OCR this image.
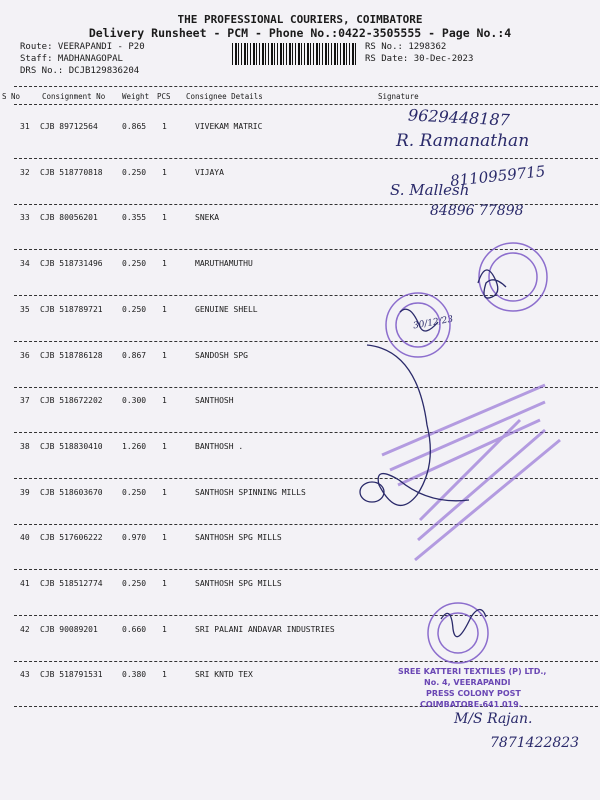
THE PROFESSIONAL COURIERS, COIMBATORE
Delivery Runsheet - PCM - Phone No.:0422-3505555 - Page No.:4
Route: VEERAPANDI - P20
Staff: MADHANAGOPAL
DRS No.: DCJB129836204
RS No.: 1298362
RS Date: 30-Dec-2023
S No	Consignment No Weight PCS Consignee Details	Signature
31 CJB 89712564	0.865 1	VIVEKAM MATRIC
32 CJB 518770818 0.250 1	VIJAYA
33 CJB 80056201	0.355 1	SNEKA
34 CJB 518731496 0.250 1	MARUTHAMUTHU
35 CJB 518789721 0.250 1	GENUINE SHELL
36 CJB 518786128 0.867 1	SANDOSH SPG
37 CJB 518672202 0.300 1	SANTHOSH
38 CJB 518830410 1.260 1	BANTHOSH .
39 CJB 518603670 0.250 1	SANTHOSH SPINNING MILLS
40 CJB 517606222 0.970 1	SANTHOSH SPG MILLS
41 CJB 518512774 0.250 1	SANTHOSH SPG MILLS
42 CJB 90089201	0.660 1	SRI PALANI ANDAVAR INDUSTRIES
43 CJB 518791531 0.380 1	SRI KNTD TEX
9629448187
R. Ramanathan
8110959715
S. Mallesh
84896 77898
30/12/23
M/S Rajan.
7871422823
SREE KATTERI TEXTILES (P) LTD.,
No. 4, VEERAPANDI
PRESS COLONY POST
COIMBATORE-641 019.
